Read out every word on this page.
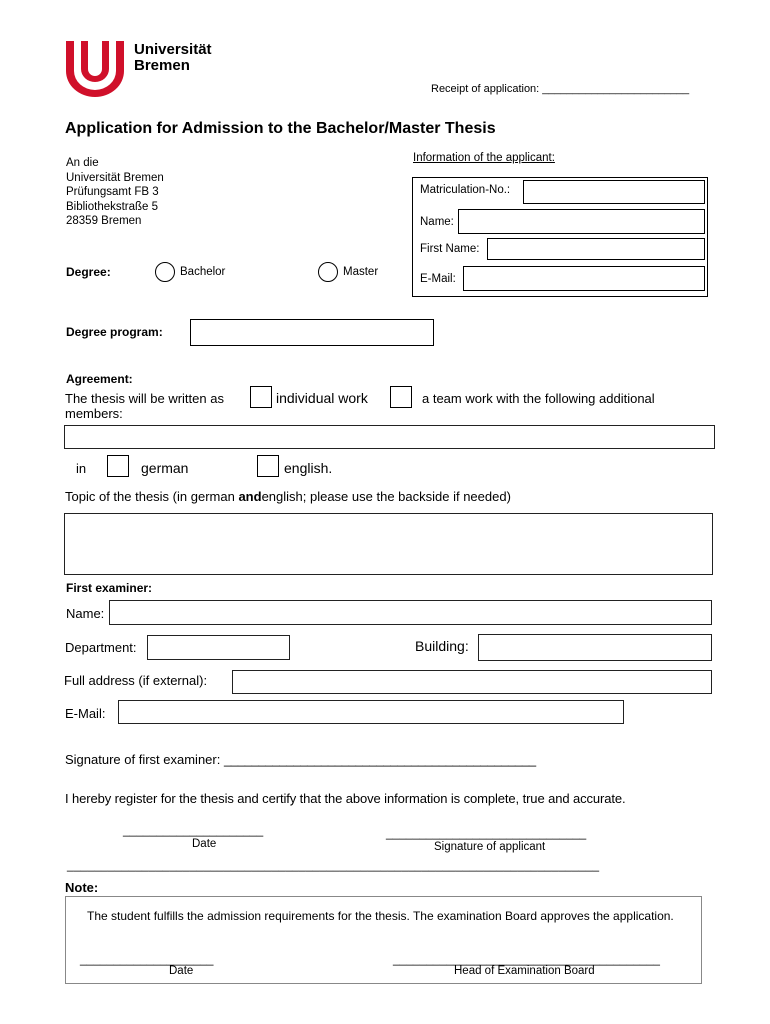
Universität
Bremen
Receipt of application: ________________________
Application for Admission to the Bachelor/Master Thesis
An die
Universität Bremen
Prüfungsamt FB 3
Bibliothekstraße 5
28359 Bremen
Information of the applicant:
Matriculation-No.:
Name:
First Name:
E-Mail:
Degree:	Bachelor	Master
Degree program:
Agreement:
The thesis will be written as	individual work	a team work with the following additional
members:
in	german	english.
Topic of the thesis (in german andenglish; please use the backside if needed)
First examiner:
Name:
Department:	Building:
Full address (if external):
E-Mail:
Signature of first examiner: _____________________________________________
I hereby register for the thesis and certify that the above information is complete, true and accurate.
_____________________
Date
______________________________
Signature of applicant
______________________________________________________________________________
Note:
The student fulfills the admission requirements for the thesis. The examination Board approves the application.
____________________
Date
________________________________________
Head of Examination Board
